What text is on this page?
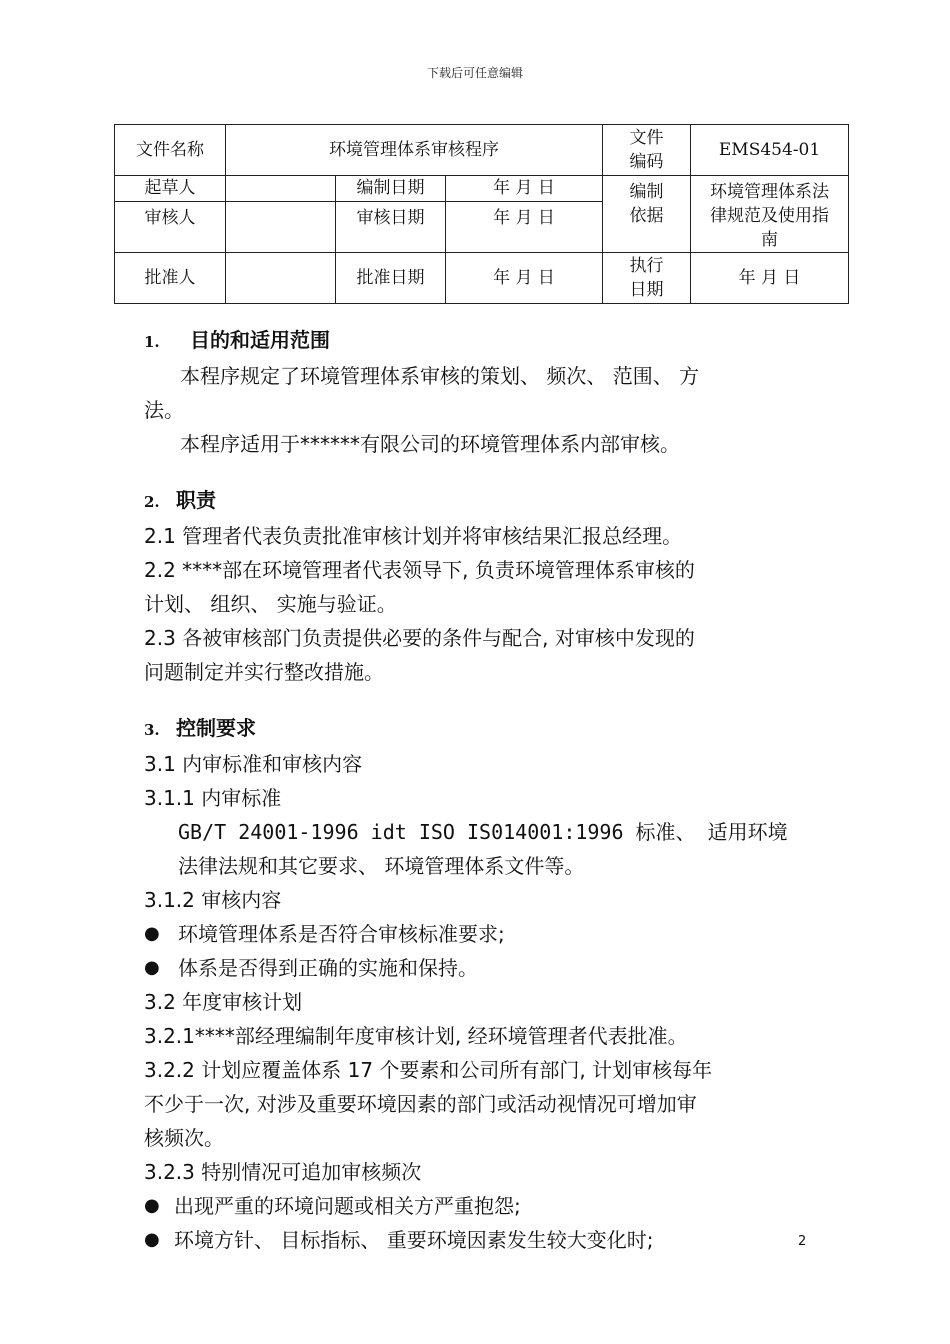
下载后可任意编辑
文件名称	环境管理体系审核程序			文件编码	EMS454-01
起草人		编制日期	年 月 日	编制依据	环境管理体系法律规范及使用指南
审核人		审核日期	年 月 日		
批准人		批准日期	年 月 日	执行日期	年 月 日

1. 目的和适用范围

本程序规定了环境管理体系审核的策划、 频次、 范围、 方

法。

本程序适用于******有限公司的环境管理体系内部审核。

2. 职责

2.1 管理者代表负责批准审核计划并将审核结果汇报总经理。

2.2 ****部在环境管理者代表领导下, 负责环境管理体系审核的

计划、 组织、 实施与验证。

2.3 各被审核部门负责提供必要的条件与配合, 对审核中发现的

问题制定并实行整改措施。

3. 控制要求

3.1 内审标准和审核内容

3.1.1 内审标准

GB/T 24001-1996 idt ISO IS014001:1996 标准、 适用环境

法律法规和其它要求、 环境管理体系文件等。

3.1.2 审核内容

● 环境管理体系是否符合审核标准要求;
● 体系是否得到正确的实施和保持。

3.2 年度审核计划

3.2.1****部经理编制年度审核计划, 经环境管理者代表批准。

3.2.2 计划应覆盖体系 17 个要素和公司所有部门, 计划审核每年

不少于一次, 对涉及重要环境因素的部门或活动视情况可增加审

核频次。

3.2.3 特别情况可追加审核频次

● 出现严重的环境问题或相关方严重抱怨;
● 环境方针、 目标指标、 重要环境因素发生较大变化时;	2
